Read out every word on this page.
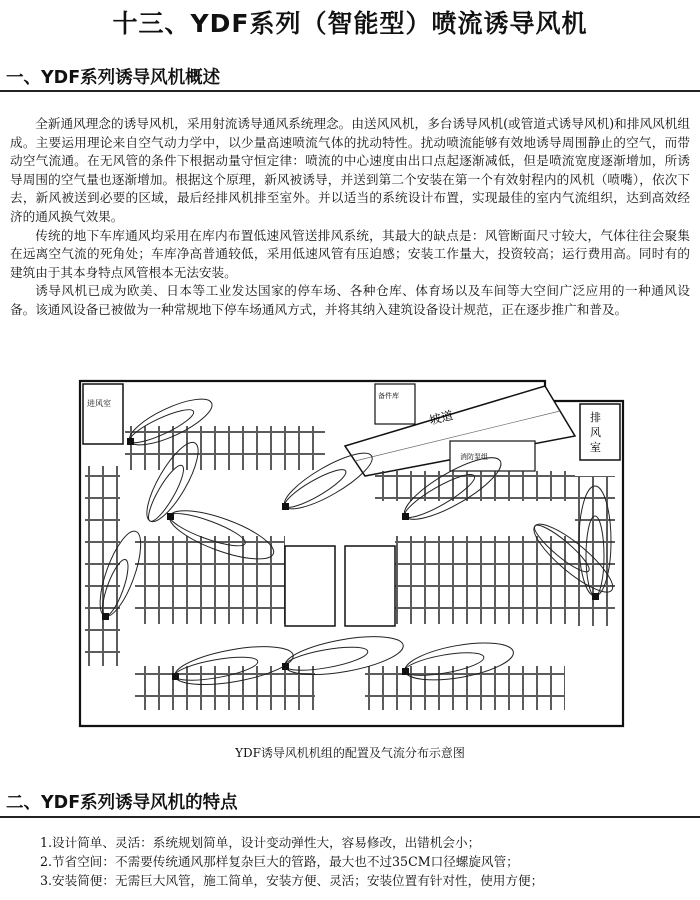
十三、YDF系列（智能型）喷流诱导风机
一、YDF系列诱导风机概述

全新通风理念的诱导风机，采用射流诱导通风系统理念。由送风风机，多台诱导风机(或管道式诱导风机)和排风风机组成。主要运用理论来自空气动力学中，以少量高速喷流气体的扰动特性。扰动喷流能够有效地诱导周围静止的空气，而带动空气流通。在无风管的条件下根据动量守恒定律：喷流的中心速度由出口点起逐渐减低，但是喷流宽度逐渐增加，所诱导周围的空气量也逐渐增加。根据这个原理，新风被诱导，并送到第二个安装在第一个有效射程内的风机（喷嘴），依次下去，新风被送到必要的区域，最后经排风机排至室外。并以适当的系统设计布置，实现最佳的室内气流组织，达到高效经济的通风换气效果。

传统的地下车库通风均采用在库内布置低速风管送排风系统，其最大的缺点是：风管断面尺寸较大，气体往往会聚集在远离空气流的死角处；车库净高普通较低，采用低速风管有压迫感；安装工作量大，投资较高；运行费用高。同时有的建筑由于其本身特点风管根本无法安装。

诱导风机已成为欧美、日本等工业发达国家的停车场、各种仓库、体育场以及车间等大空间广泛应用的一种通风设备。该通风设备已被做为一种常规地下停车场通风方式，并将其纳入建筑设备设计规范，正在逐步推广和普及。

进风室
备件库
排
风
室
排风室
坡道
消防泵组
YDF诱导风机机组的配置及气流分布示意图
二、YDF系列诱导风机的特点
1.设计简单、灵活：系统规划简单，设计变动弹性大，容易修改，出错机会小；
2.节省空间：不需要传统通风那样复杂巨大的管路，最大也不过35CM口径螺旋风管；
3.安装简便：无需巨大风管，施工简单，安装方便、灵活；安装位置有针对性，使用方便；
